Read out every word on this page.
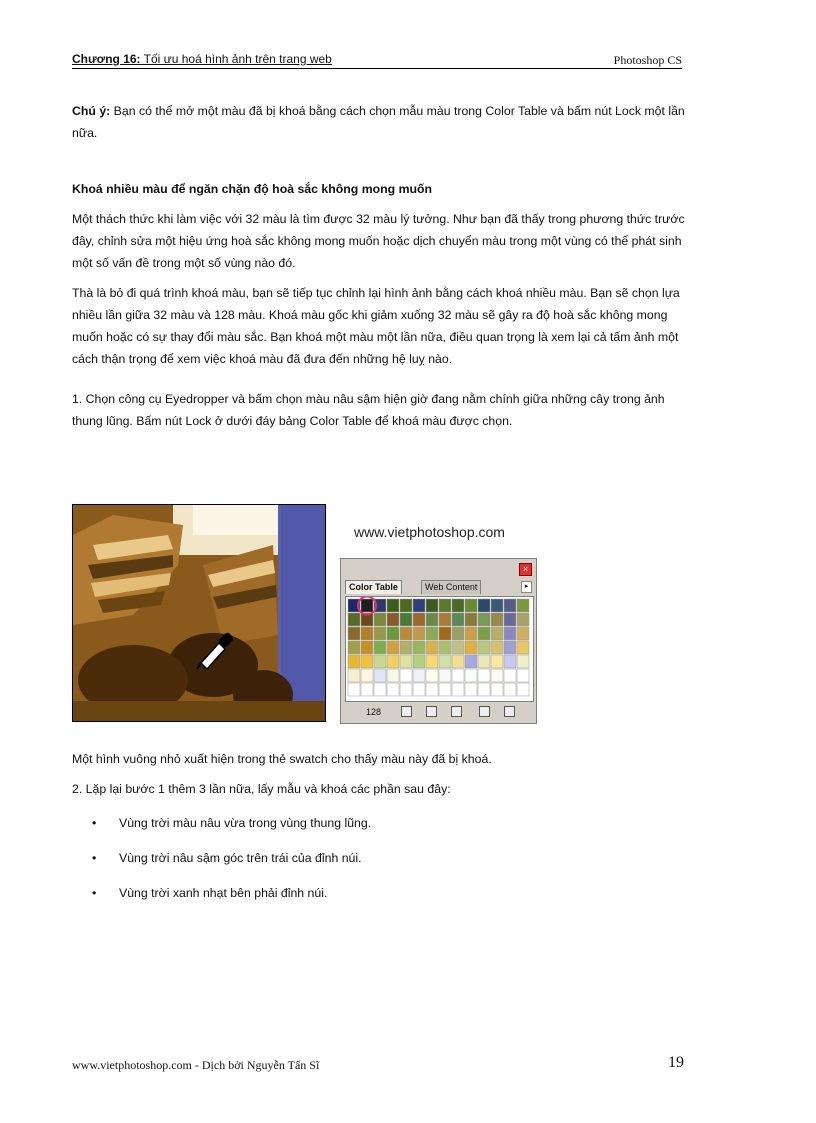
Chương 16: Tối ưu hoá hình ảnh trên trang web	Photoshop CS

Chú ý: Bạn có thể mở một màu đã bị khoá bằng cách chọn mẫu màu trong Color Table và bấm nút Lock một lần nữa.

Khoá nhiều màu để ngăn chặn độ hoà sắc không mong muốn

Một thách thức khi làm việc với 32 màu là tìm được 32 màu lý tưởng. Như bạn đã thấy trong phương thức trước đây, chỉnh sửa một hiệu ứng hoà sắc không mong muốn hoặc dịch chuyển màu trong một vùng có thể phát sinh một số vấn đề trong một số vùng nào đó.

Thà là bỏ đi quá trình khoá màu, bạn sẽ tiếp tục chỉnh lại hình ảnh bằng cách khoá nhiều màu. Bạn sẽ chọn lựa nhiều lần giữa 32 màu và 128 màu. Khoá màu gốc khi giảm xuống 32 màu sẽ gây ra độ hoà sắc không mong muốn hoặc có sự thay đổi màu sắc. Bạn khoá một màu một lần nữa, điều quan trọng là xem lại cả tấm ảnh một cách thận trọng để xem việc khoá màu đã đưa đến những hệ luỵ nào.

1. Chọn công cụ Eyedropper và bấm chọn màu nâu sậm hiện giờ đang nằm chính giữa những cây trong ảnh thung lũng. Bấm nút Lock ở dưới đáy bảng Color Table để khoá màu được chọn.

www.vietphotoshop.com
×
Color Table	Web Content	▸
128

Một hình vuông nhỏ xuất hiện trong thẻ swatch cho thấy màu này đã bị khoá.

2. Lặp lại bước 1 thêm 3 lần nữa, lấy mẫu và khoá các phần sau đây:

• Vùng trời màu nâu vừa trong vùng thung lũng.
• Vùng trời nâu sậm góc trên trái của đỉnh núi.
• Vùng trời xanh nhạt bên phải đỉnh núi.
www.vietphotoshop.com - Dịch bởi Nguyễn Tấn Sĩ	19
